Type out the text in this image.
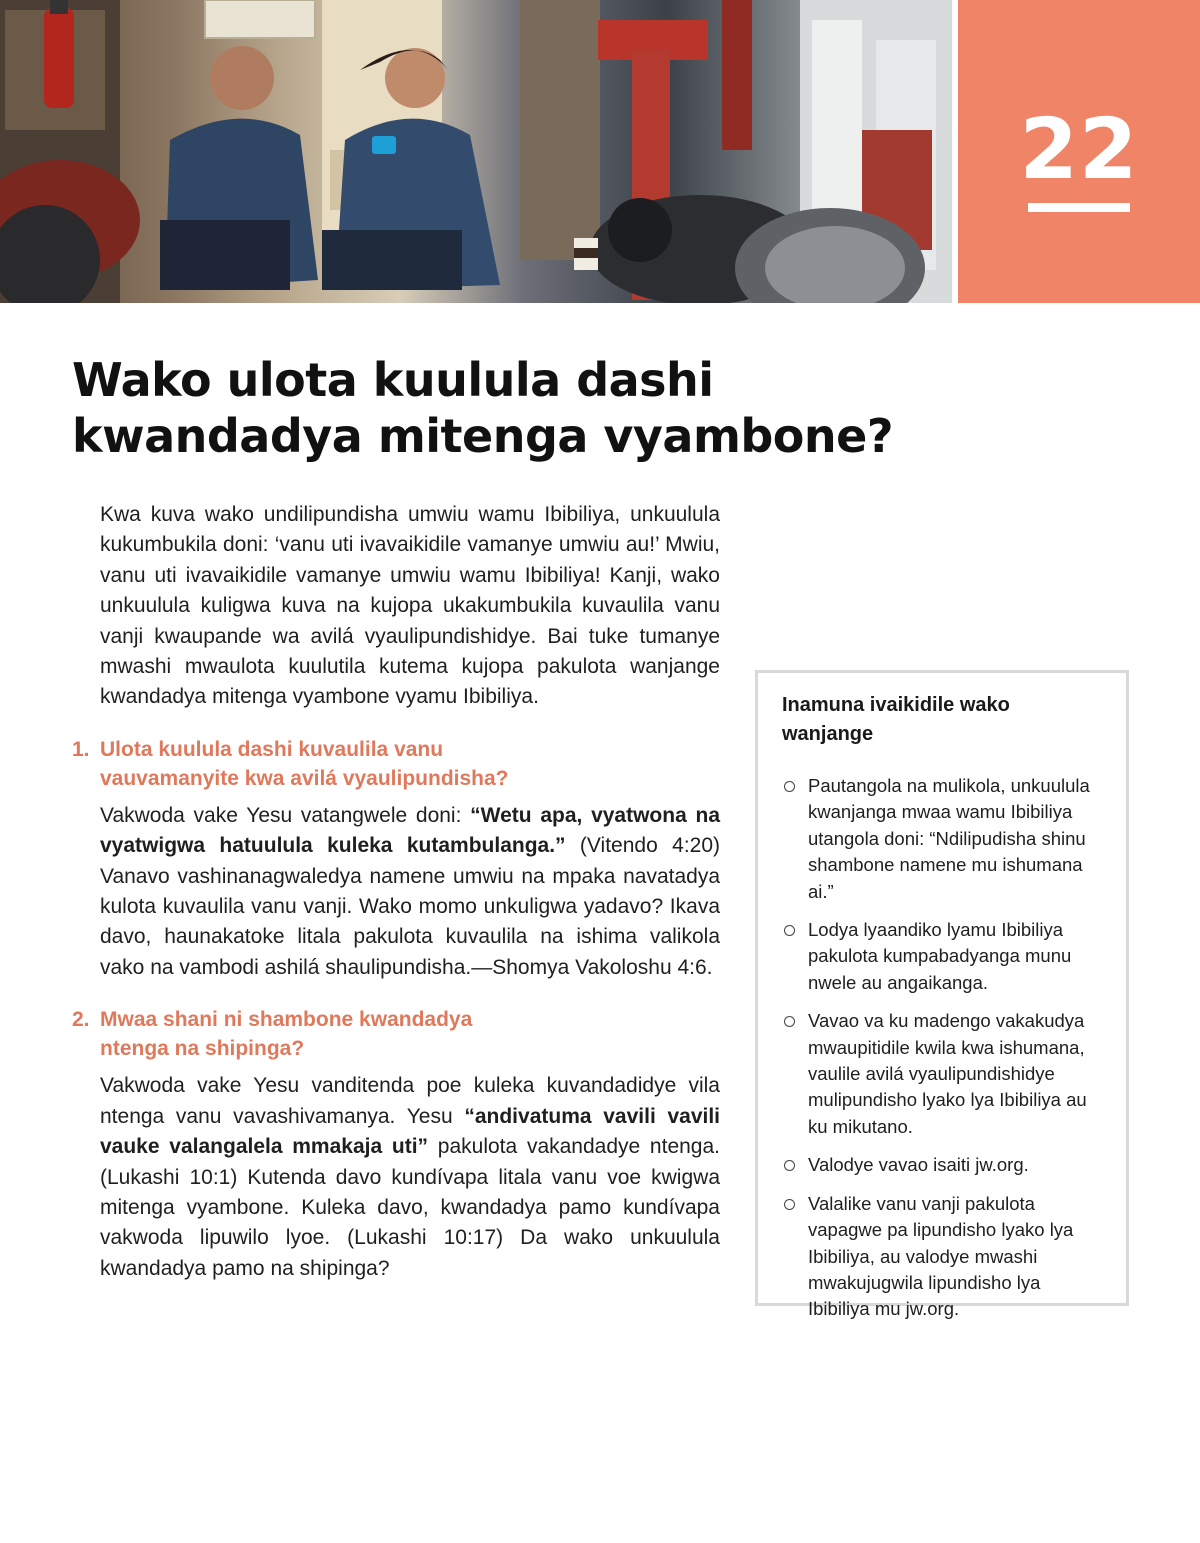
22
Wako ulota kuulula dashi
kwandadya mitenga vyambone?

Kwa kuva wako undilipundisha umwiu wamu Ibibiliya, unkuulula kukumbukila doni: ‘vanu uti ivavaikidile vamanye umwiu au!’ Mwiu, vanu uti ivavaikidile vamanye umwiu wamu Ibibiliya! Kanji, wako unkuulula kuligwa kuva na kujopa ukakumbukila kuvaulila vanu vanji kwaupande wa avilá vyaulipundishidye. Bai tuke tumanye mwashi mwaulota kuulutila kutema kujopa pakulota wanjange kwandadya mitenga vyambone vyamu Ibibiliya.

1. Ulota kuulula dashi kuvaulila vanu
vauvamanyite kwa avilá vyaulipundisha?

Vakwoda vake Yesu vatangwele doni: “Wetu apa, vyatwona na vyatwigwa hatuulula kuleka kutambulanga.” (Vitendo 4:20) Vanavo vashinanagwaledya namene umwiu na mpaka navatadya kulota kuvaulila vanu vanji. Wako momo unkuligwa yadavo? Ikava davo, haunakatoke litala pakulota kuvaulila na ishima valikola vako na vambodi ashilá shaulipundisha.—Shomya Vakoloshu 4:6.

2. Mwaa shani ni shambone kwandadya
ntenga na shipinga?

Vakwoda vake Yesu vanditenda poe kuleka kuvandadidye vila ntenga vanu vavashivamanya. Yesu “andivatuma vavili vavili vauke valangalela mmakaja uti” pakulota vakandadye ntenga. (Lukashi 10:1) Kutenda davo kundívapa litala vanu voe kwigwa mitenga vyambone. Kuleka davo, kwandadya pamo kundívapa vakwoda lipuwilo lyoe. (Lukashi 10:17) Da wako unkuulula kwandadya pamo na shipinga?

Inamuna ivaikidile wako wanjange
Pautangola na mulikola, unkuulula kwanjanga mwaa wamu Ibibiliya utangola doni: “Ndilipudisha shinu shambone namene mu ishumana ai.”
Lodya lyaandiko lyamu Ibibiliya pakulota kumpabadyanga munu nwele au angaikanga.
Vavao va ku madengo vakakudya mwaupitidile kwila kwa ishumana, vaulile avilá vyaulipundishidye mulipundisho lyako lya Ibibiliya au ku mikutano.
Valodye vavao isaiti jw.org.
Valalike vanu vanji pakulota vapagwe pa lipundisho lyako lya Ibibiliya, au valodye mwashi mwakujugwila lipundisho lya Ibibiliya mu jw.org.
